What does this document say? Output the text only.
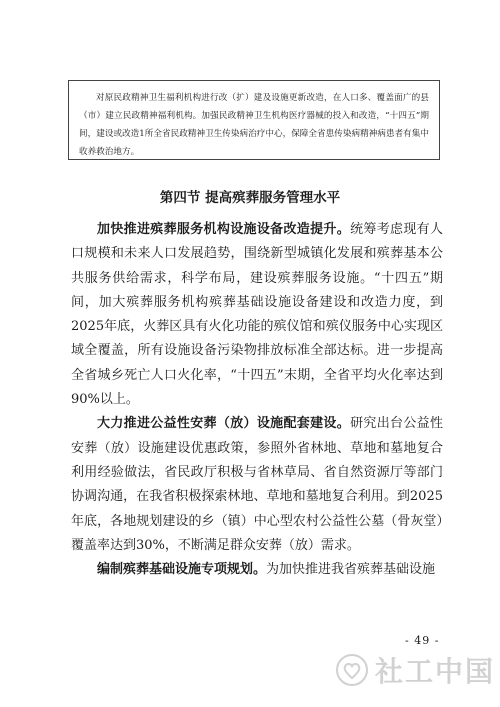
对原民政精神卫生福利机构进行改（扩）建及设施更新改造，在人口多、覆盖面广的县（市）建立民政精神福利机构。加强民政精神卫生机构医疗器械的投入和改造，“十四五”期间，建设或改造1所全省民政精神卫生传染病治疗中心，保障全省患传染病精神病患者有集中收养救治地方。
第四节 提高殡葬服务管理水平

加快推进殡葬服务机构设施设备改造提升。统筹考虑现有人口规模和未来人口发展趋势，围绕新型城镇化发展和殡葬基本公共服务供给需求，科学布局，建设殡葬服务设施。“十四五”期间，加大殡葬服务机构殡葬基础设施设备建设和改造力度，到2025年底，火葬区具有火化功能的殡仪馆和殡仪服务中心实现区域全覆盖，所有设施设备污染物排放标准全部达标。进一步提高全省城乡死亡人口火化率，“十四五”末期，全省平均火化率达到90%以上。

大力推进公益性安葬（放）设施配套建设。研究出台公益性安葬（放）设施建设优惠政策，参照外省林地、草地和墓地复合利用经验做法，省民政厅积极与省林草局、省自然资源厅等部门协调沟通，在我省积极探索林地、草地和墓地复合利用。到2025年底，各地规划建设的乡（镇）中心型农村公益性公墓（骨灰堂）覆盖率达到30%，不断满足群众安葬（放）需求。

编制殡葬基础设施专项规划。为加快推进我省殡葬基础设施

- 49 -
社工中国
